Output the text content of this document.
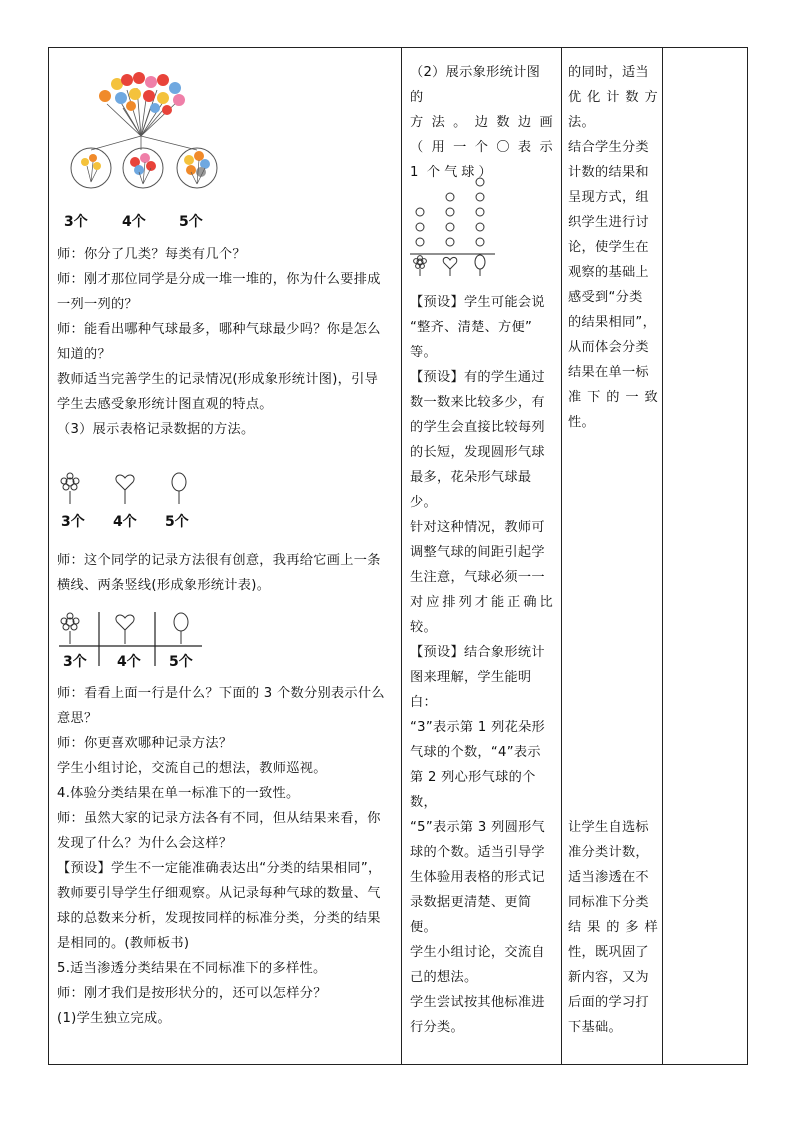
3个 4个 5个

师：你分了几类？每类有几个？

师：刚才那位同学是分成一堆一堆的，你为什么要排成

一列一列的？

师：能看出哪种气球最多，哪种气球最少吗？你是怎么

知道的？

教师适当完善学生的记录情况(形成象形统计图)，引导

学生去感受象形统计图直观的特点。

（3）展示表格记录数据的方法。

3个 4个 5个

师：这个同学的记录方法很有创意，我再给它画上一条

横线、两条竖线(形成象形统计表)。

3个 4个 5个

师：看看上面一行是什么？下面的 3 个数分别表示什么

意思？

师：你更喜欢哪种记录方法？

学生小组讨论，交流自己的想法，教师巡视。

4.体验分类结果在单一标准下的一致性。

师：虽然大家的记录方法各有不同，但从结果来看，你

发现了什么？为什么会这样？

【预设】学生不一定能准确表达出“分类的结果相同”，

教师要引导学生仔细观察。从记录每种气球的数量、气

球的总数来分析，发现按同样的标准分类，分类的结果

是相同的。(教师板书)

5.适当渗透分类结果在不同标准下的多样性。

师：刚才我们是按形状分的，还可以怎样分？

(1)学生独立完成。

（2）展示象形统计图的

方法。边数边画

（用一个〇表示

1 个气球）

【预设】学生可能会说

“整齐、清楚、方便”

等。

【预设】有的学生通过

数一数来比较多少，有

的学生会直接比较每列

的长短，发现圆形气球

最多，花朵形气球最少。

针对这种情况，教师可

调整气球的间距引起学

生注意，气球必须一一

对应排列才能正确比

较。

【预设】结合象形统计

图来理解，学生能明白：

“3”表示第 1 列花朵形

气球的个数，“4”表示

第 2 列心形气球的个数，

“5”表示第 3 列圆形气

球的个数。适当引导学

生体验用表格的形式记

录数据更清楚、更简便。

学生小组讨论，交流自

己的想法。

学生尝试按其他标准进

行分类。

的同时，适当

优化计数方

法。

结合学生分类

计数的结果和

呈现方式，组

织学生进行讨

论，使学生在

观察的基础上

感受到“分类

的结果相同”，

从而体会分类

结果在单一标

准下的一致

性。

让学生自选标

准分类计数，

适当渗透在不

同标准下分类

结果的多样

性，既巩固了

新内容，又为

后面的学习打

下基础。
